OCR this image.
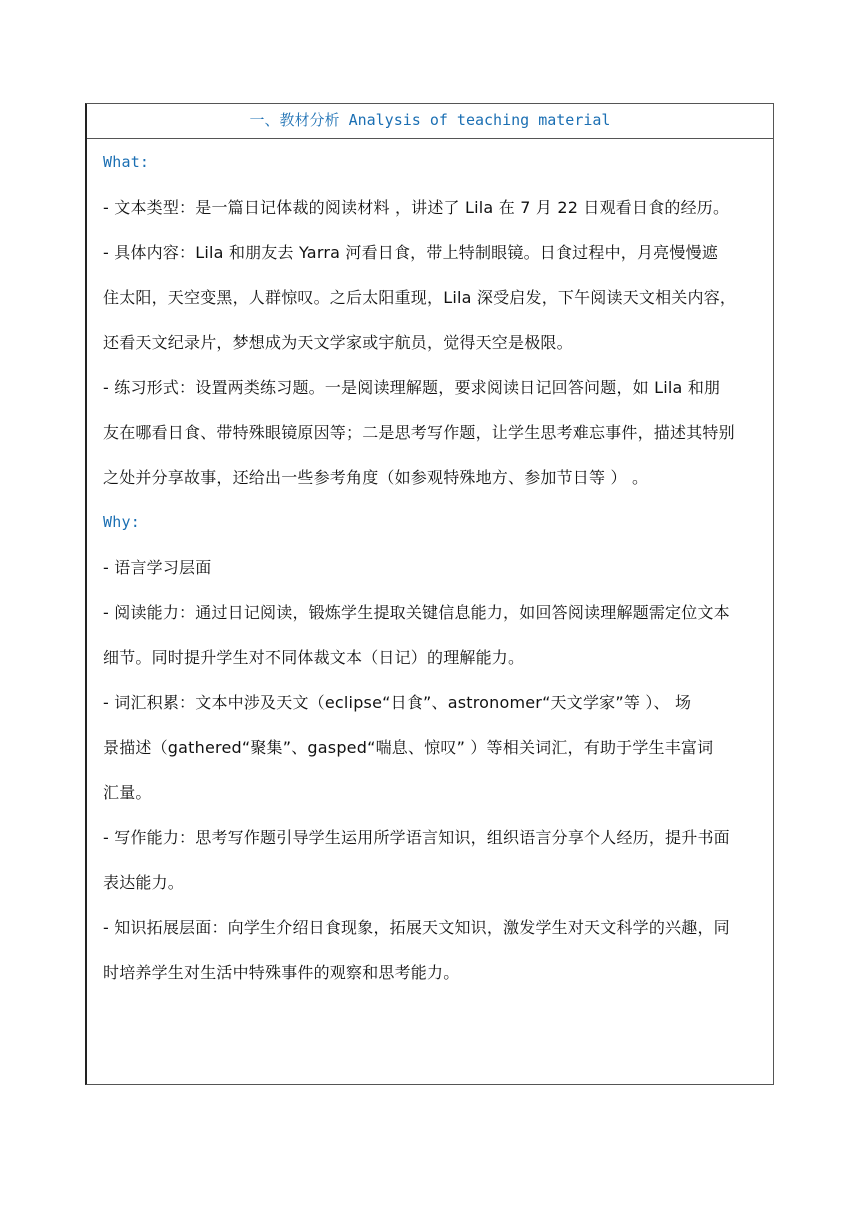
一、教材分析 Analysis of teaching material
What:
- 文本类型：是一篇日记体裁的阅读材料 ，讲述了 Lila 在 7 月 22 日观看日食的经历。
- 具体内容：Lila 和朋友去 Yarra 河看日食，带上特制眼镜。日食过程中，月亮慢慢遮
住太阳，天空变黑，人群惊叹。之后太阳重现，Lila 深受启发，下午阅读天文相关内容，
还看天文纪录片，梦想成为天文学家或宇航员，觉得天空是极限。
- 练习形式：设置两类练习题。一是阅读理解题，要求阅读日记回答问题，如 Lila 和朋
友在哪看日食、带特殊眼镜原因等；二是思考写作题，让学生思考难忘事件，描述其特别
之处并分享故事，还给出一些参考角度（如参观特殊地方、参加节日等 ） 。
Why:
- 语言学习层面
- 阅读能力：通过日记阅读，锻炼学生提取关键信息能力，如回答阅读理解题需定位文本
细节。同时提升学生对不同体裁文本（日记）的理解能力。
- 词汇积累：文本中涉及天文（eclipse“日食”、astronomer“天文学家”等 ）、 场
景描述（gathered“聚集”、gasped“喘息、惊叹” ）等相关词汇，有助于学生丰富词
汇量。
- 写作能力：思考写作题引导学生运用所学语言知识，组织语言分享个人经历，提升书面
表达能力。
- 知识拓展层面：向学生介绍日食现象，拓展天文知识，激发学生对天文科学的兴趣，同
时培养学生对生活中特殊事件的观察和思考能力。
